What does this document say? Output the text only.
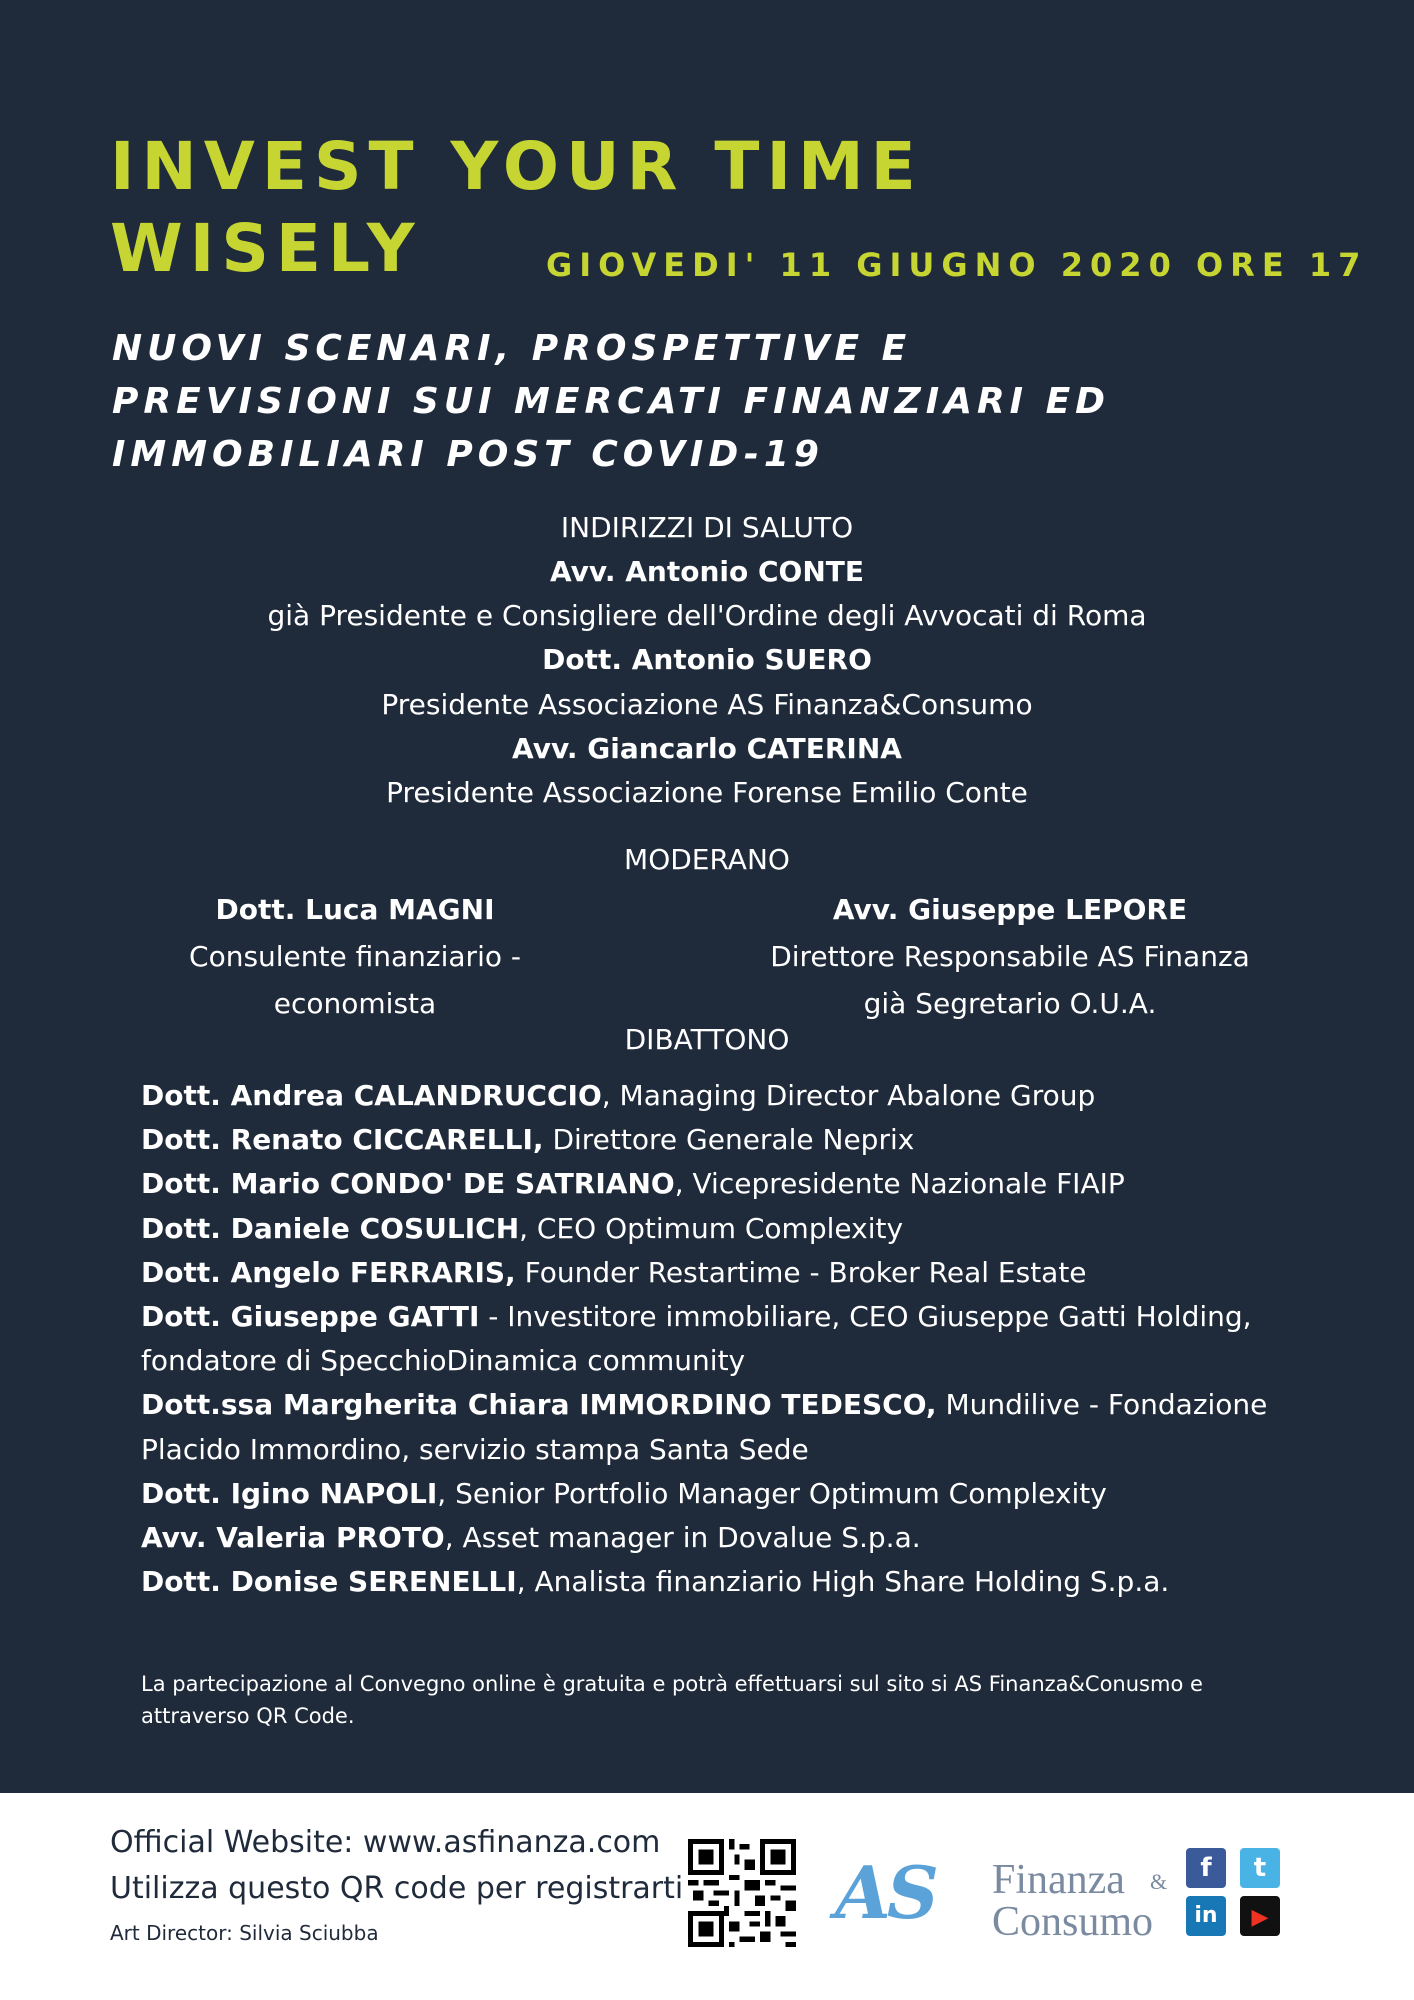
INVEST YOUR TIME
WISELY	GIOVEDI' 11 GIUGNO 2020 ORE 17
NUOVI SCENARI, PROSPETTIVE E
PREVISIONI SUI MERCATI FINANZIARI ED
IMMOBILIARI POST COVID-19
INDIRIZZI DI SALUTO
Avv. Antonio CONTE
già Presidente e Consigliere dell'Ordine degli Avvocati di Roma
Dott. Antonio SUERO
Presidente Associazione AS Finanza&Consumo
Avv. Giancarlo CATERINA
Presidente Associazione Forense Emilio Conte
MODERANO
Dott. Luca MAGNI
Consulente finanziario -
economista
Avv. Giuseppe LEPORE
Direttore Responsabile AS Finanza
già Segretario O.U.A.
DIBATTONO
Dott. Andrea CALANDRUCCIO, Managing Director Abalone Group
Dott. Renato CICCARELLI, Direttore Generale Neprix
Dott. Mario CONDO' DE SATRIANO, Vicepresidente Nazionale FIAIP
Dott. Daniele COSULICH, CEO Optimum Complexity
Dott. Angelo FERRARIS, Founder Restartime - Broker Real Estate
Dott. Giuseppe GATTI - Investitore immobiliare, CEO Giuseppe Gatti Holding,
fondatore di SpecchioDinamica community
Dott.ssa Margherita Chiara IMMORDINO TEDESCO, Mundilive - Fondazione
Placido Immordino, servizio stampa Santa Sede
Dott. Igino NAPOLI, Senior Portfolio Manager Optimum Complexity
Avv. Valeria PROTO, Asset manager in Dovalue S.p.a.
Dott. Donise SERENELLI, Analista finanziario High Share Holding S.p.a.
La partecipazione al Convegno online è gratuita e potrà effettuarsi sul sito si AS Finanza&Conusmo e
attraverso QR Code.
Official Website: www.asfinanza.com
Utilizza questo QR code per registrarti
Art Director: Silvia Sciubba	AS Finanza
Consumo
&	f	t
in	▶
